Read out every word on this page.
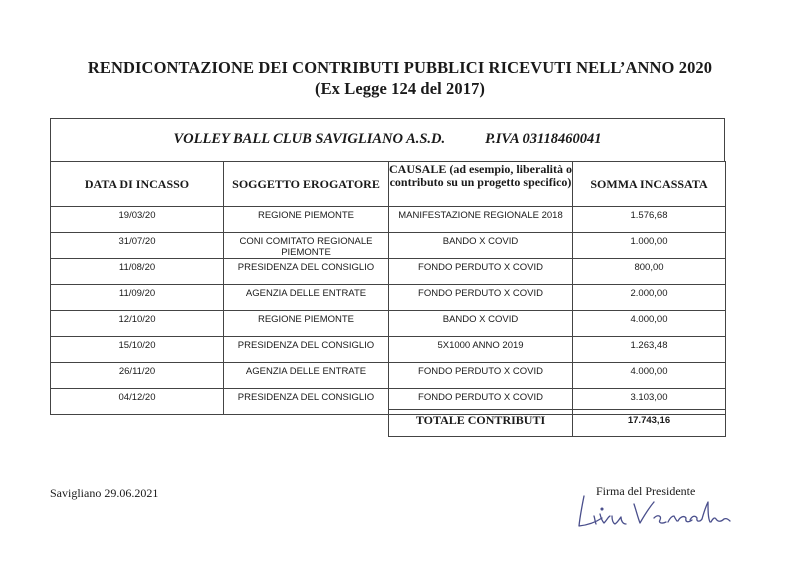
RENDICONTAZIONE DEI CONTRIBUTI PUBBLICI RICEVUTI NELL’ANNO 2020
(Ex Legge 124 del 2017)
VOLLEY BALL CLUB SAVIGLIANO A.S.D.	P.IVA 03118460041
DATA DI INCASSO	SOGGETTO EROGATORE	CAUSALE (ad esempio, liberalità o contributo su un progetto specifico)	SOMMA INCASSATA
19/03/20	REGIONE PIEMONTE	MANIFESTAZIONE REGIONALE 2018	1.576,68
31/07/20	CONI COMITATO REGIONALE PIEMONTE	BANDO X COVID	1.000,00
11/08/20	PRESIDENZA DEL CONSIGLIO	FONDO PERDUTO X COVID	800,00
11/09/20	AGENZIA DELLE ENTRATE	FONDO PERDUTO X COVID	2.000,00
12/10/20	REGIONE PIEMONTE	BANDO X COVID	4.000,00
15/10/20	PRESIDENZA DEL CONSIGLIO	5X1000 ANNO 2019	1.263,48
26/11/20	AGENZIA DELLE ENTRATE	FONDO PERDUTO X COVID	4.000,00
04/12/20	PRESIDENZA DEL CONSIGLIO	FONDO PERDUTO X COVID	3.103,00
TOTALE CONTRIBUTI	17.743,16
Savigliano 29.06.2021	Firma del Presidente
